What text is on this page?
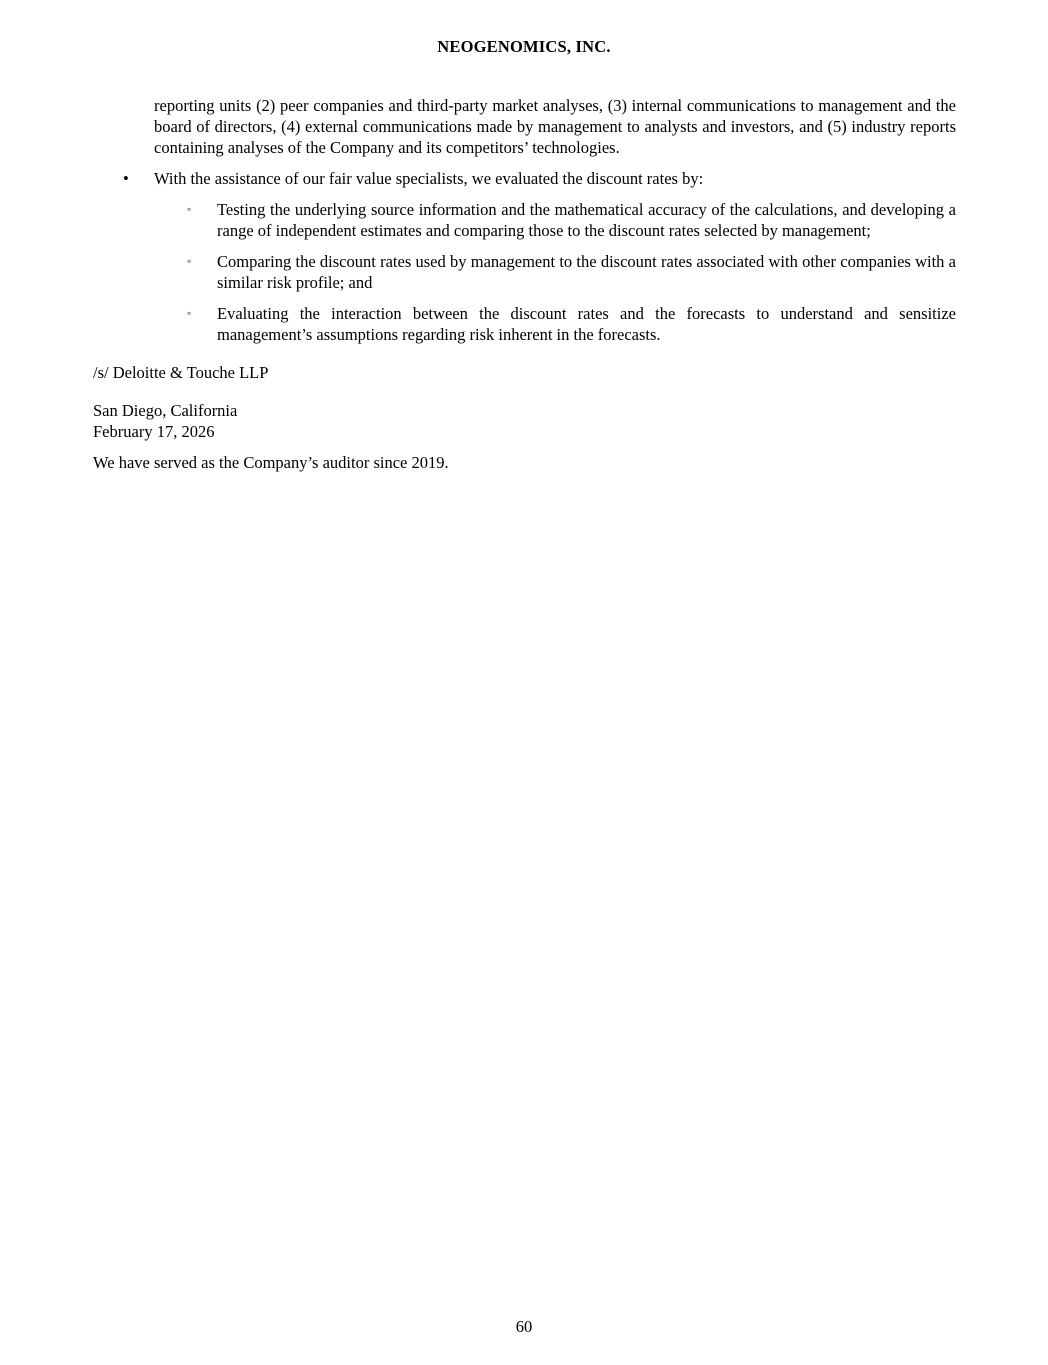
NEOGENOMICS, INC.

reporting units (2) peer companies and third-party market analyses, (3) internal communications to management and the board of directors, (4) external communications made by management to analysts and investors, and (5) industry reports containing analyses of the Company and its competitors’ technologies.

•	With the assistance of our fair value specialists, we evaluated the discount rates by:
◦	Testing the underlying source information and the mathematical accuracy of the calculations, and developing a range of independent estimates and comparing those to the discount rates selected by management;
◦	Comparing the discount rates used by management to the discount rates associated with other companies with a similar risk profile; and
◦	Evaluating the interaction between the discount rates and the forecasts to understand and sensitize management’s assumptions regarding risk inherent in the forecasts.

/s/ Deloitte & Touche LLP

San Diego, California
February 17, 2026

We have served as the Company’s auditor since 2019.

60
